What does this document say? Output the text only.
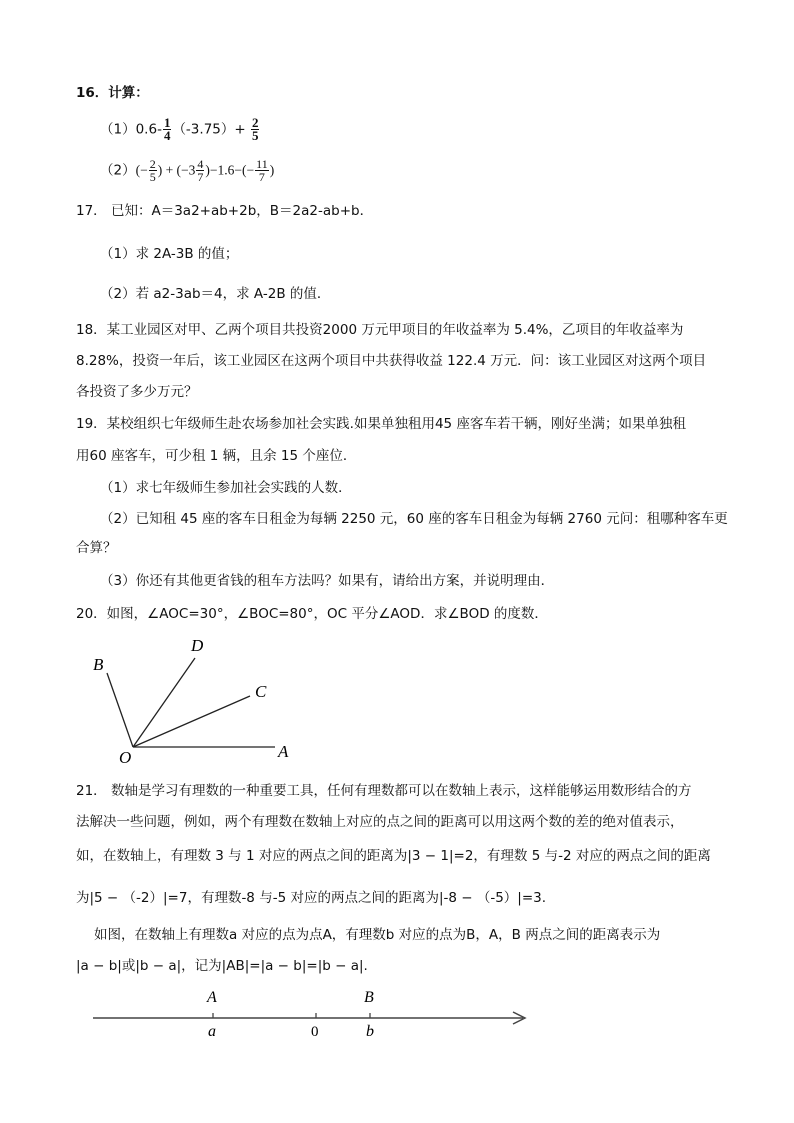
16．计算：
$(1)0.6- \frac{1}{4} (-3.75)+ \frac{2}{5}$
$(2)(- \frac{2}{5}$ ) + $(-3 \frac{4}{7} )-1.6-(- \frac{11}{7}$ )
17． 已知：A＝3a2+ab+2b，B＝2a2-ab+b．
（1）求 2A-3B 的值；
（2）若 a2-3ab＝4，求 A-2B 的值．
18．某工业园区对甲、乙两个项目共投资2000 万元甲项目的年收益率为 5.4%，乙项目的年收益率为
8.28%，投资一年后，该工业园区在这两个项目中共获得收益 122.4 万元．问：该工业园区对这两个项目
各投资了多少万元？
19．某校组织七年级师生赴农场参加社会实践.如果单独租用45 座客车若干辆，刚好坐满；如果单独租
用60 座客车，可少租 1 辆，且余 15 个座位．
（1）求七年级师生参加社会实践的人数．
（2）已知租 45 座的客车日租金为每辆 2250 元，60 座的客车日租金为每辆 2760 元问：租哪种客车更
合算？
（3）你还有其他更省钱的租车方法吗？如果有，请给出方案，并说明理由．
20．如图，∠AOC=30°，∠BOC=80°，OC 平分∠AOD．求∠BOD 的度数．
B
D
C
O	A
21． 数轴是学习有理数的一种重要工具，任何有理数都可以在数轴上表示，这样能够运用数形结合的方
法解决一些问题，例如，两个有理数在数轴上对应的点之间的距离可以用这两个数的差的绝对值表示，
如，在数轴上，有理数 3 与 1 对应的两点之间的距离为|3 − 1|=2，有理数 5 与-2 对应的两点之间的距离
为|5 − （-2）|=7，有理数-8 与-5 对应的两点之间的距离为|-8 − （-5）|=3.
如图，在数轴上有理数a 对应的点为点A，有理数b 对应的点为B，A，B 两点之间的距离表示为
|a − b|或|b − a|，记为|AB|=|a − b|=|b − a|.
A
a	0
B
b
